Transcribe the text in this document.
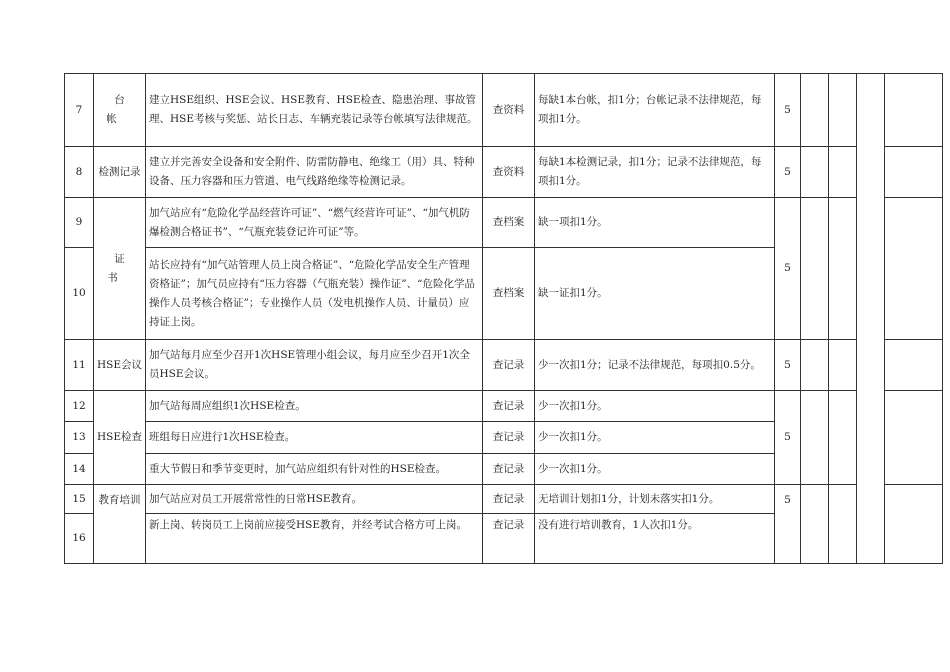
7	台帐	建立HSE组织、HSE会议、HSE教育、HSE检查、隐患治理、事故管理、HSE考核与奖惩、站长日志、车辆充装记录等台帐填写法律规范。	查资料	每缺1本台帐，扣1分；台帐记录不法律规范，每项扣1分。	5				
8	检测记录	建立并完善安全设备和安全附件、防雷防静电、绝缘工（用）具、特种设备、压力容器和压力管道、电气线路绝缘等检测记录。	查资料	每缺1本检测记录，扣1分；记录不法律规范，每项扣1分。	5				
9	证书	加气站应有“危险化学品经营许可证”、“燃气经营许可证”、“加气机防爆检测合格证书”、“气瓶充装登记许可证”等。	查档案	缺一项扣1分。	5				
10		站长应持有“加气站管理人员上岗合格证”、“危险化学品安全生产管理资格证”；加气员应持有“压力容器（气瓶充装）操作证”、“危险化学品操作人员考核合格证”；专业操作人员（发电机操作人员、计量员）应持证上岗。	查档案	缺一证扣1分。					
11	HSE会议	加气站每月应至少召开1次HSE管理小组会议，每月应至少召开1次全员HSE会议。	查记录	少一次扣1分；记录不法律规范，每项扣0.5分。	5				
12	HSE检查	加气站每周应组织1次HSE检查。	查记录	少一次扣1分。	5				
13		班组每日应进行1次HSE检查。	查记录	少一次扣1分。					
14		重大节假日和季节变更时，加气站应组织有针对性的HSE检查。	查记录	少一次扣1分。					
15	教育培训	加气站应对员工开展常常性的日常HSE教育。	查记录	无培训计划扣1分，计划未落实扣1分。	5				
16		新上岗、转岗员工上岗前应接受HSE教育，并经考试合格方可上岗。	查记录	没有进行培训教育，1人次扣1分。					
